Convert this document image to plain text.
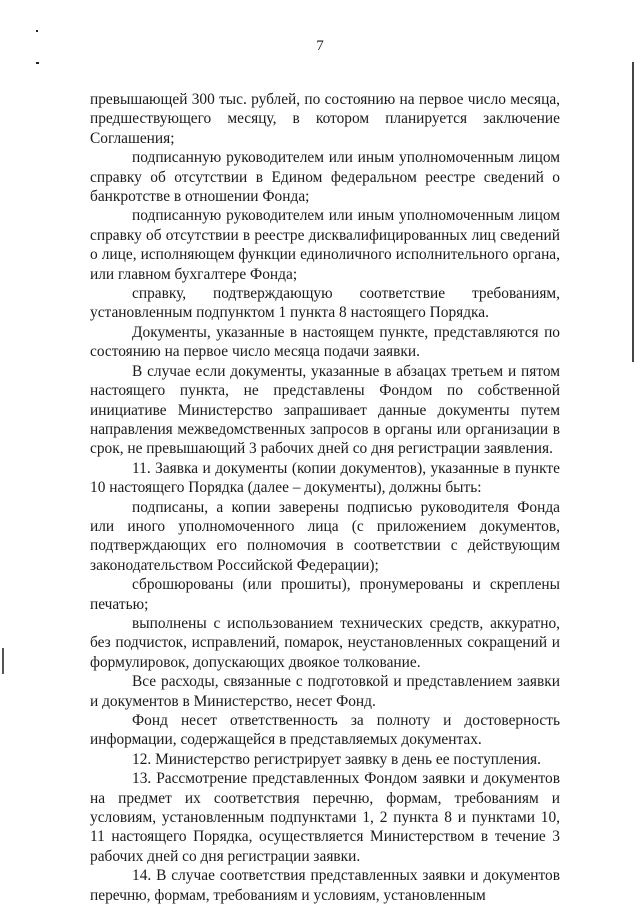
7

превышающей 300 тыс. рублей, по состоянию на первое число месяца, предшествующего месяцу, в котором планируется заключение Соглашения;

подписанную руководителем или иным уполномоченным лицом справку об отсутствии в Едином федеральном реестре сведений о банкротстве в отношении Фонда;

подписанную руководителем или иным уполномоченным лицом справку об отсутствии в реестре дисквалифицированных лиц сведений о лице, исполняющем функции единоличного исполнительного органа, или главном бухгалтере Фонда;

справку, подтверждающую соответствие требованиям, установленным подпунктом 1 пункта 8 настоящего Порядка.

Документы, указанные в настоящем пункте, представляются по состоянию на первое число месяца подачи заявки.

В случае если документы, указанные в абзацах третьем и пятом настоящего пункта, не представлены Фондом по собственной инициативе Министерство запрашивает данные документы путем направления межведомственных запросов в органы или организации в срок, не превышающий 3 рабочих дней со дня регистрации заявления.

11. Заявка и документы (копии документов), указанные в пункте 10 настоящего Порядка (далее – документы), должны быть:

подписаны, а копии заверены подписью руководителя Фонда или иного уполномоченного лица (с приложением документов, подтверждающих его полномочия в соответствии с действующим законодательством Российской Федерации);

сброшюрованы (или прошиты), пронумерованы и скреплены печатью;

выполнены с использованием технических средств, аккуратно, без подчисток, исправлений, помарок, неустановленных сокращений и формулировок, допускающих двоякое толкование.

Все расходы, связанные с подготовкой и представлением заявки и документов в Министерство, несет Фонд.

Фонд несет ответственность за полноту и достоверность информации, содержащейся в представляемых документах.

12. Министерство регистрирует заявку в день ее поступления.

13. Рассмотрение представленных Фондом заявки и документов на предмет их соответствия перечню, формам, требованиям и условиям, установленным подпунктами 1, 2 пункта 8 и пунктами 10, 11 настоящего Порядка, осуществляется Министерством в течение 3 рабочих дней со дня регистрации заявки.

14. В случае соответствия представленных заявки и документов перечню, формам, требованиям и условиям, установленным
